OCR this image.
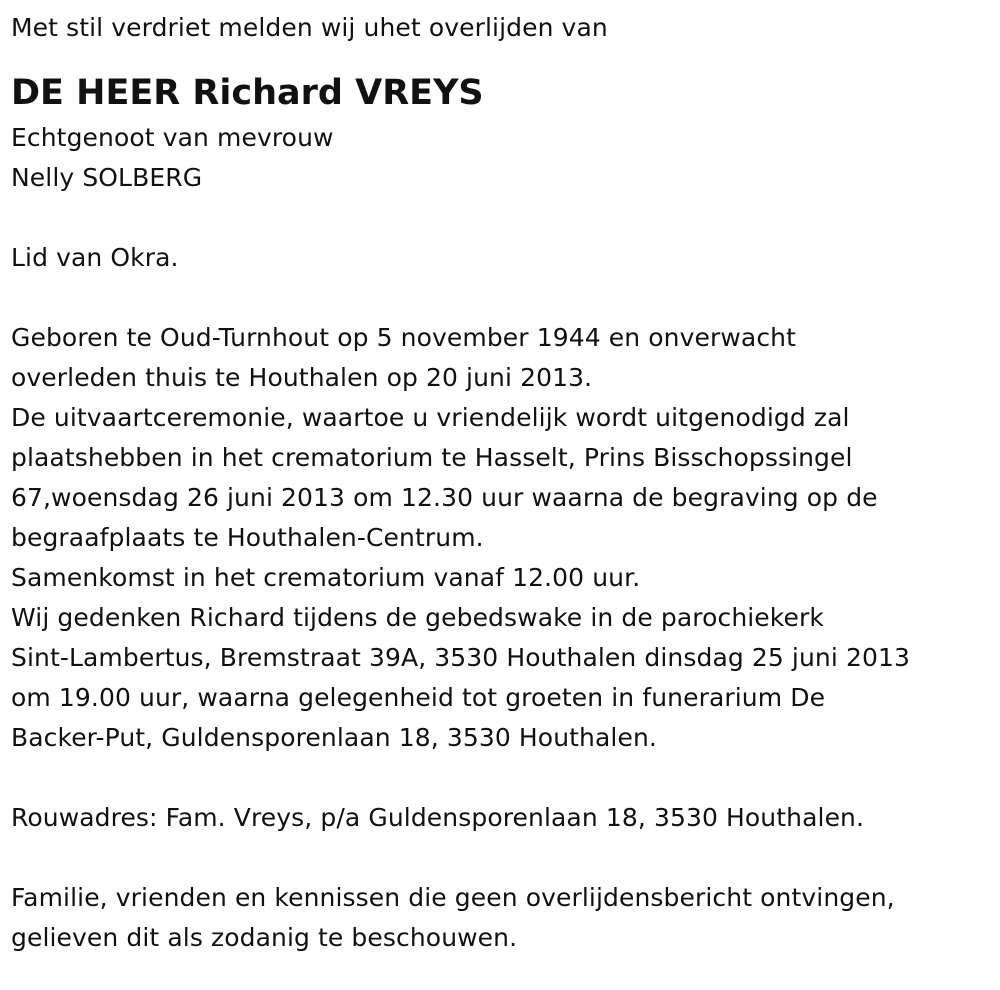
Met stil verdriet melden wij uhet overlijden van
DE HEER Richard VREYS
Echtgenoot van mevrouw
Nelly SOLBERG
Lid van Okra.
Geboren te Oud-Turnhout op 5 november 1944 en onverwacht
overleden thuis te Houthalen op 20 juni 2013.
De uitvaartceremonie, waartoe u vriendelijk wordt uitgenodigd zal
plaatshebben in het crematorium te Hasselt, Prins Bisschopssingel
67,woensdag 26 juni 2013 om 12.30 uur waarna de begraving op de
begraafplaats te Houthalen-Centrum.
Samenkomst in het crematorium vanaf 12.00 uur.
Wij gedenken Richard tijdens de gebedswake in de parochiekerk
Sint-Lambertus, Bremstraat 39A, 3530 Houthalen dinsdag 25 juni 2013
om 19.00 uur, waarna gelegenheid tot groeten in funerarium De
Backer-Put, Guldensporenlaan 18, 3530 Houthalen.
Rouwadres: Fam. Vreys, p/a Guldensporenlaan 18, 3530 Houthalen.
Familie, vrienden en kennissen die geen overlijdensbericht ontvingen,
gelieven dit als zodanig te beschouwen.
